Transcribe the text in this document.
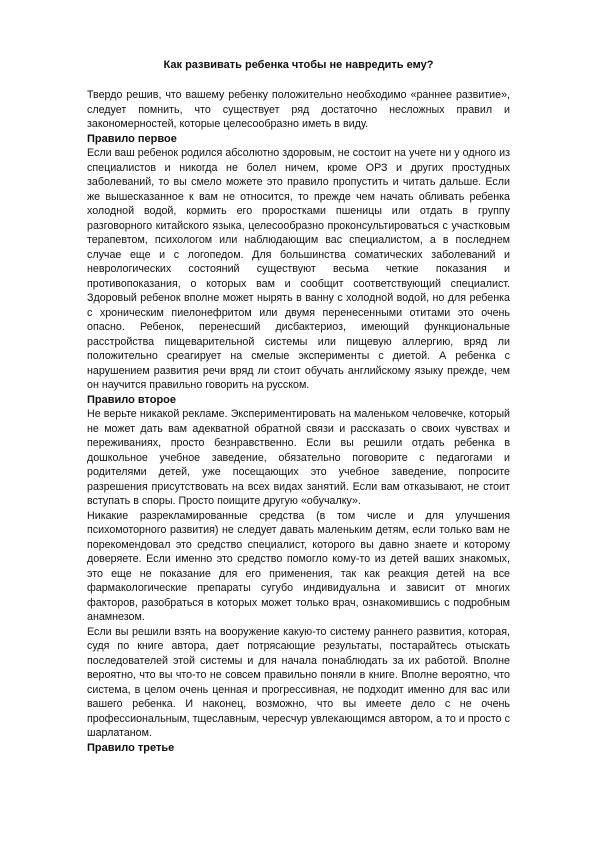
Как развивать ребенка чтобы не навредить ему?

Твердо решив, что вашему ребенку положительно необходимо «раннее развитие», следует помнить, что существует ряд достаточно несложных правил и закономерностей, которые целесообразно иметь в виду.

Правило первое

Если ваш ребенок родился абсолютно здоровым, не состоит на учете ни у одного из специалистов и никогда не болел ничем, кроме ОРЗ и других простудных заболеваний, то вы смело можете это правило пропустить и читать дальше. Если же вышесказанное к вам не относится, то прежде чем начать обливать ребенка холодной водой, кормить его проростками пшеницы или отдать в группу разговорного китайского языка, целесообразно проконсультироваться с участковым терапевтом, психологом или наблюдающим вас специалистом, а в последнем случае еще и с логопедом. Для большинства соматических заболеваний и неврологических состояний существуют весьма четкие показания и противопоказания, о которых вам и сообщит соответствующий специалист. Здоровый ребенок вполне может нырять в ванну с холодной водой, но для ребенка с хроническим пиелонефритом или двумя перенесенными отитами это очень опасно. Ребенок, перенесший дисбактериоз, имеющий функциональные расстройства пищеварительной системы или пищевую аллергию, вряд ли положительно среагирует на смелые эксперименты с диетой. А ребенка с нарушением развития речи вряд ли стоит обучать английскому языку прежде, чем он научится правильно говорить на русском.

Правило второе

Не верьте никакой рекламе. Экспериментировать на маленьком человечке, который не может дать вам адекватной обратной связи и рассказать о своих чувствах и переживаниях, просто безнравственно. Если вы решили отдать ребенка в дошкольное учебное заведение, обязательно поговорите с педагогами и родителями детей, уже посещающих это учебное заведение, попросите разрешения присутствовать на всех видах занятий. Если вам отказывают, не стоит вступать в споры. Просто поищите другую «обучалку».

Никакие разрекламированные средства (в том числе и для улучшения психомоторного развития) не следует давать маленьким детям, если только вам не порекомендовал это средство специалист, которого вы давно знаете и которому доверяете. Если именно это средство помогло кому-то из детей ваших знакомых, это еще не показание для его применения, так как реакция детей на все фармакологические препараты сугубо индивидуальна и зависит от многих факторов, разобраться в которых может только врач, ознакомившись с подробным анамнезом.

Если вы решили взять на вооружение какую-то систему раннего развития, которая, судя по книге автора, дает потрясающие результаты, постарайтесь отыскать последователей этой системы и для начала понаблюдать за их работой. Вполне вероятно, что вы что-то не совсем правильно поняли в книге. Вполне вероятно, что система, в целом очень ценная и прогрессивная, не подходит именно для вас или вашего ребенка. И наконец, возможно, что вы имеете дело с не очень профессиональным, тщеславным, чересчур увлекающимся автором, а то и просто с шарлатаном.

Правило третье
